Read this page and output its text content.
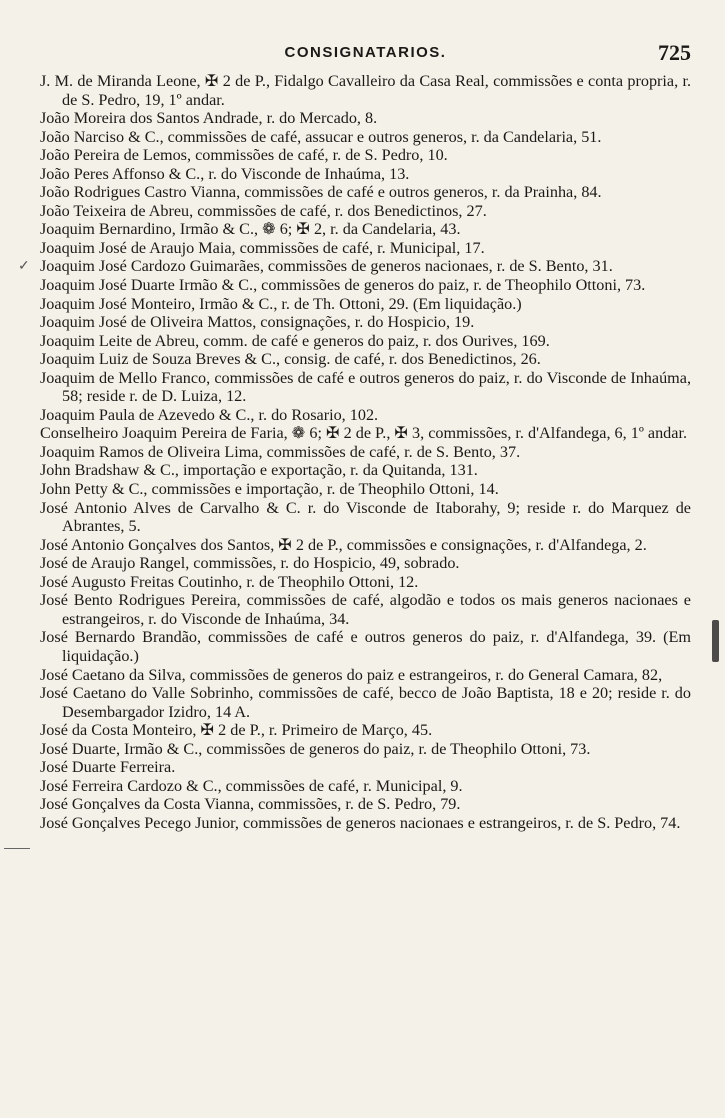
CONSIGNATARIOS.	725
J. M. de Miranda Leone, ✠ 2 de P., Fidalgo Cavalleiro da Casa Real, commissões e conta propria, r. de S. Pedro, 19, 1º andar.
João Moreira dos Santos Andrade, r. do Mercado, 8.
João Narciso & C., commissões de café, assucar e outros generos, r. da Candelaria, 51.
João Pereira de Lemos, commissões de café, r. de S. Pedro, 10.
João Peres Affonso & C., r. do Visconde de Inhaúma, 13.
João Rodrigues Castro Vianna, commissões de café e outros generos, r. da Prainha, 84.
João Teixeira de Abreu, commissões de café, r. dos Benedictinos, 27.
Joaquim Bernardino, Irmão & C., ❁ 6; ✠ 2, r. da Candelaria, 43.
Joaquim José de Araujo Maia, commissões de café, r. Municipal, 17.
Joaquim José Cardozo Guimarães, commissões de generos nacionaes, r. de S. Bento, 31.
Joaquim José Duarte Irmão & C., commissões de generos do paiz, r. de Theophilo Ottoni, 73.
Joaquim José Monteiro, Irmão & C., r. de Th. Ottoni, 29. (Em liquidação.)
Joaquim José de Oliveira Mattos, consignações, r. do Hospicio, 19.
Joaquim Leite de Abreu, comm. de café e generos do paiz, r. dos Ourives, 169.
Joaquim Luiz de Souza Breves & C., consig. de café, r. dos Benedictinos, 26.
Joaquim de Mello Franco, commissões de café e outros generos do paiz, r. do Visconde de Inhaúma, 58; reside r. de D. Luiza, 12.
Joaquim Paula de Azevedo & C., r. do Rosario, 102.
Conselheiro Joaquim Pereira de Faria, ❁ 6; ✠ 2 de P., ✠ 3, commissões, r. d'Alfandega, 6, 1º andar.
Joaquim Ramos de Oliveira Lima, commissões de café, r. de S. Bento, 37.
John Bradshaw & C., importação e exportação, r. da Quitanda, 131.
John Petty & C., commissões e importação, r. de Theophilo Ottoni, 14.
José Antonio Alves de Carvalho & C. r. do Visconde de Itaborahy, 9; reside r. do Marquez de Abrantes, 5.
José Antonio Gonçalves dos Santos, ✠ 2 de P., commissões e consignações, r. d'Alfandega, 2.
José de Araujo Rangel, commissões, r. do Hospicio, 49, sobrado.
José Augusto Freitas Coutinho, r. de Theophilo Ottoni, 12.
José Bento Rodrigues Pereira, commissões de café, algodão e todos os mais generos nacionaes e estrangeiros, r. do Visconde de Inhaúma, 34.
José Bernardo Brandão, commissões de café e outros generos do paiz, r. d'Alfandega, 39. (Em liquidação.)
José Caetano da Silva, commissões de generos do paiz e estrangeiros, r. do General Camara, 82,
José Caetano do Valle Sobrinho, commissões de café, becco de João Baptista, 18 e 20; reside r. do Desembargador Izidro, 14 A.
José da Costa Monteiro, ✠ 2 de P., r. Primeiro de Março, 45.
José Duarte, Irmão & C., commissões de generos do paiz, r. de Theophilo Ottoni, 73.
José Duarte Ferreira.
José Ferreira Cardozo & C., commissões de café, r. Municipal, 9.
José Gonçalves da Costa Vianna, commissões, r. de S. Pedro, 79.
José Gonçalves Pecego Junior, commissões de generos nacionaes e estrangeiros, r. de S. Pedro, 74.
✓
